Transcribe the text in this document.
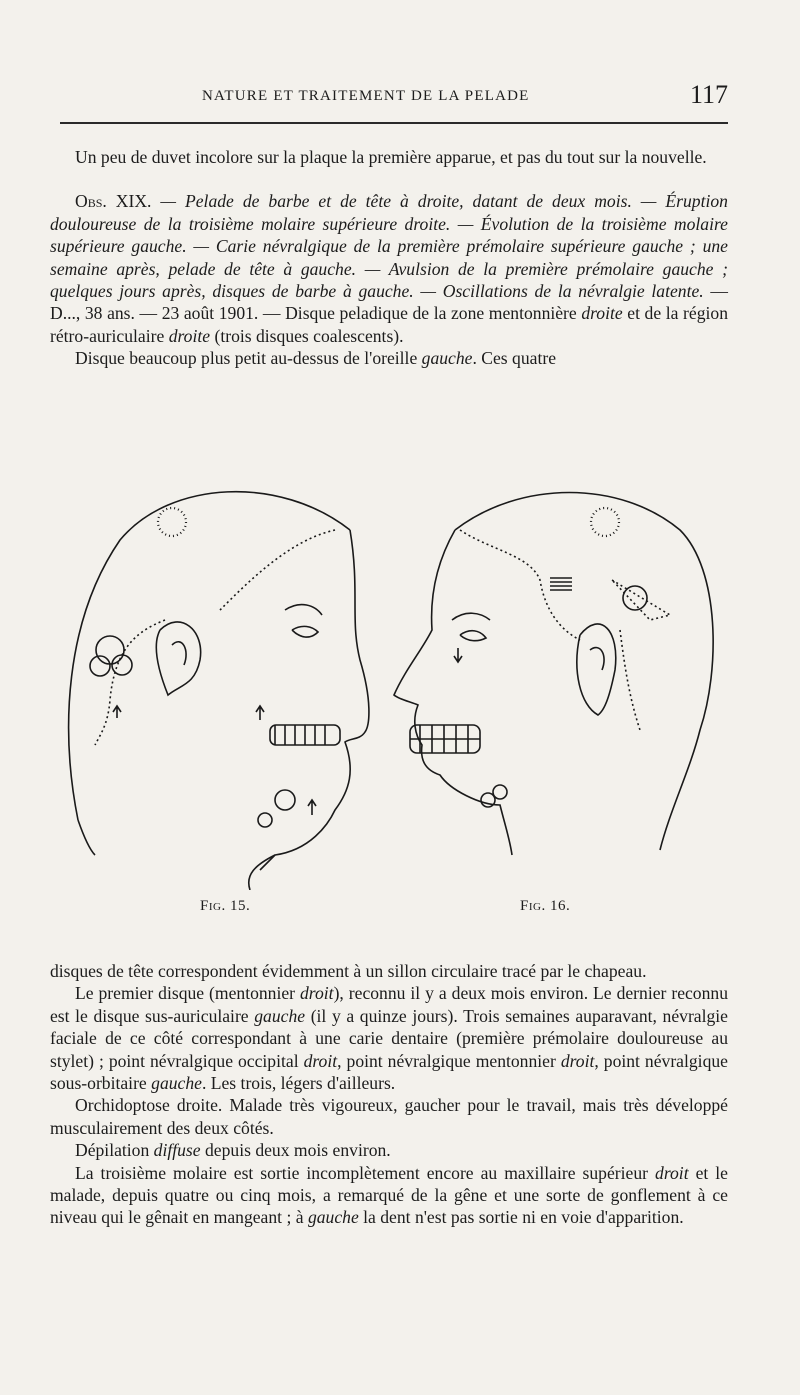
NATURE ET TRAITEMENT DE LA PELADE	117

Un peu de duvet incolore sur la plaque la première apparue, et pas du tout sur la nouvelle.

Obs. XIX. — Pelade de barbe et de tête à droite, datant de deux mois. — Éruption douloureuse de la troisième molaire supérieure droite. — Évolution de la troisième molaire supérieure gauche. — Carie névralgique de la première prémolaire supérieure gauche ; une semaine après, pelade de tête à gauche. — Avulsion de la première prémolaire gauche ; quelques jours après, disques de barbe à gauche. — Oscillations de la névralgie latente. — D..., 38 ans. — 23 août 1901. — Disque peladique de la zone mentonnière droite et de la région rétro-auriculaire droite (trois disques coalescents).

Disque beaucoup plus petit au-dessus de l'oreille gauche. Ces quatre

Fig. 15.	Fig. 16.

disques de tête correspondent évidemment à un sillon circulaire tracé par le chapeau.

Le premier disque (mentonnier droit), reconnu il y a deux mois environ. Le dernier reconnu est le disque sus-auriculaire gauche (il y a quinze jours). Trois semaines auparavant, névralgie faciale de ce côté correspondant à une carie dentaire (première prémolaire douloureuse au stylet) ; point névralgique occipital droit, point névralgique mentonnier droit, point névralgique sous-orbitaire gauche. Les trois, légers d'ailleurs.

Orchidoptose droite. Malade très vigoureux, gaucher pour le travail, mais très développé musculairement des deux côtés.

Dépilation diffuse depuis deux mois environ.

La troisième molaire est sortie incomplètement encore au maxillaire supérieur droit et le malade, depuis quatre ou cinq mois, a remarqué de la gêne et une sorte de gonflement à ce niveau qui le gênait en mangeant ; à gauche la dent n'est pas sortie ni en voie d'apparition.
